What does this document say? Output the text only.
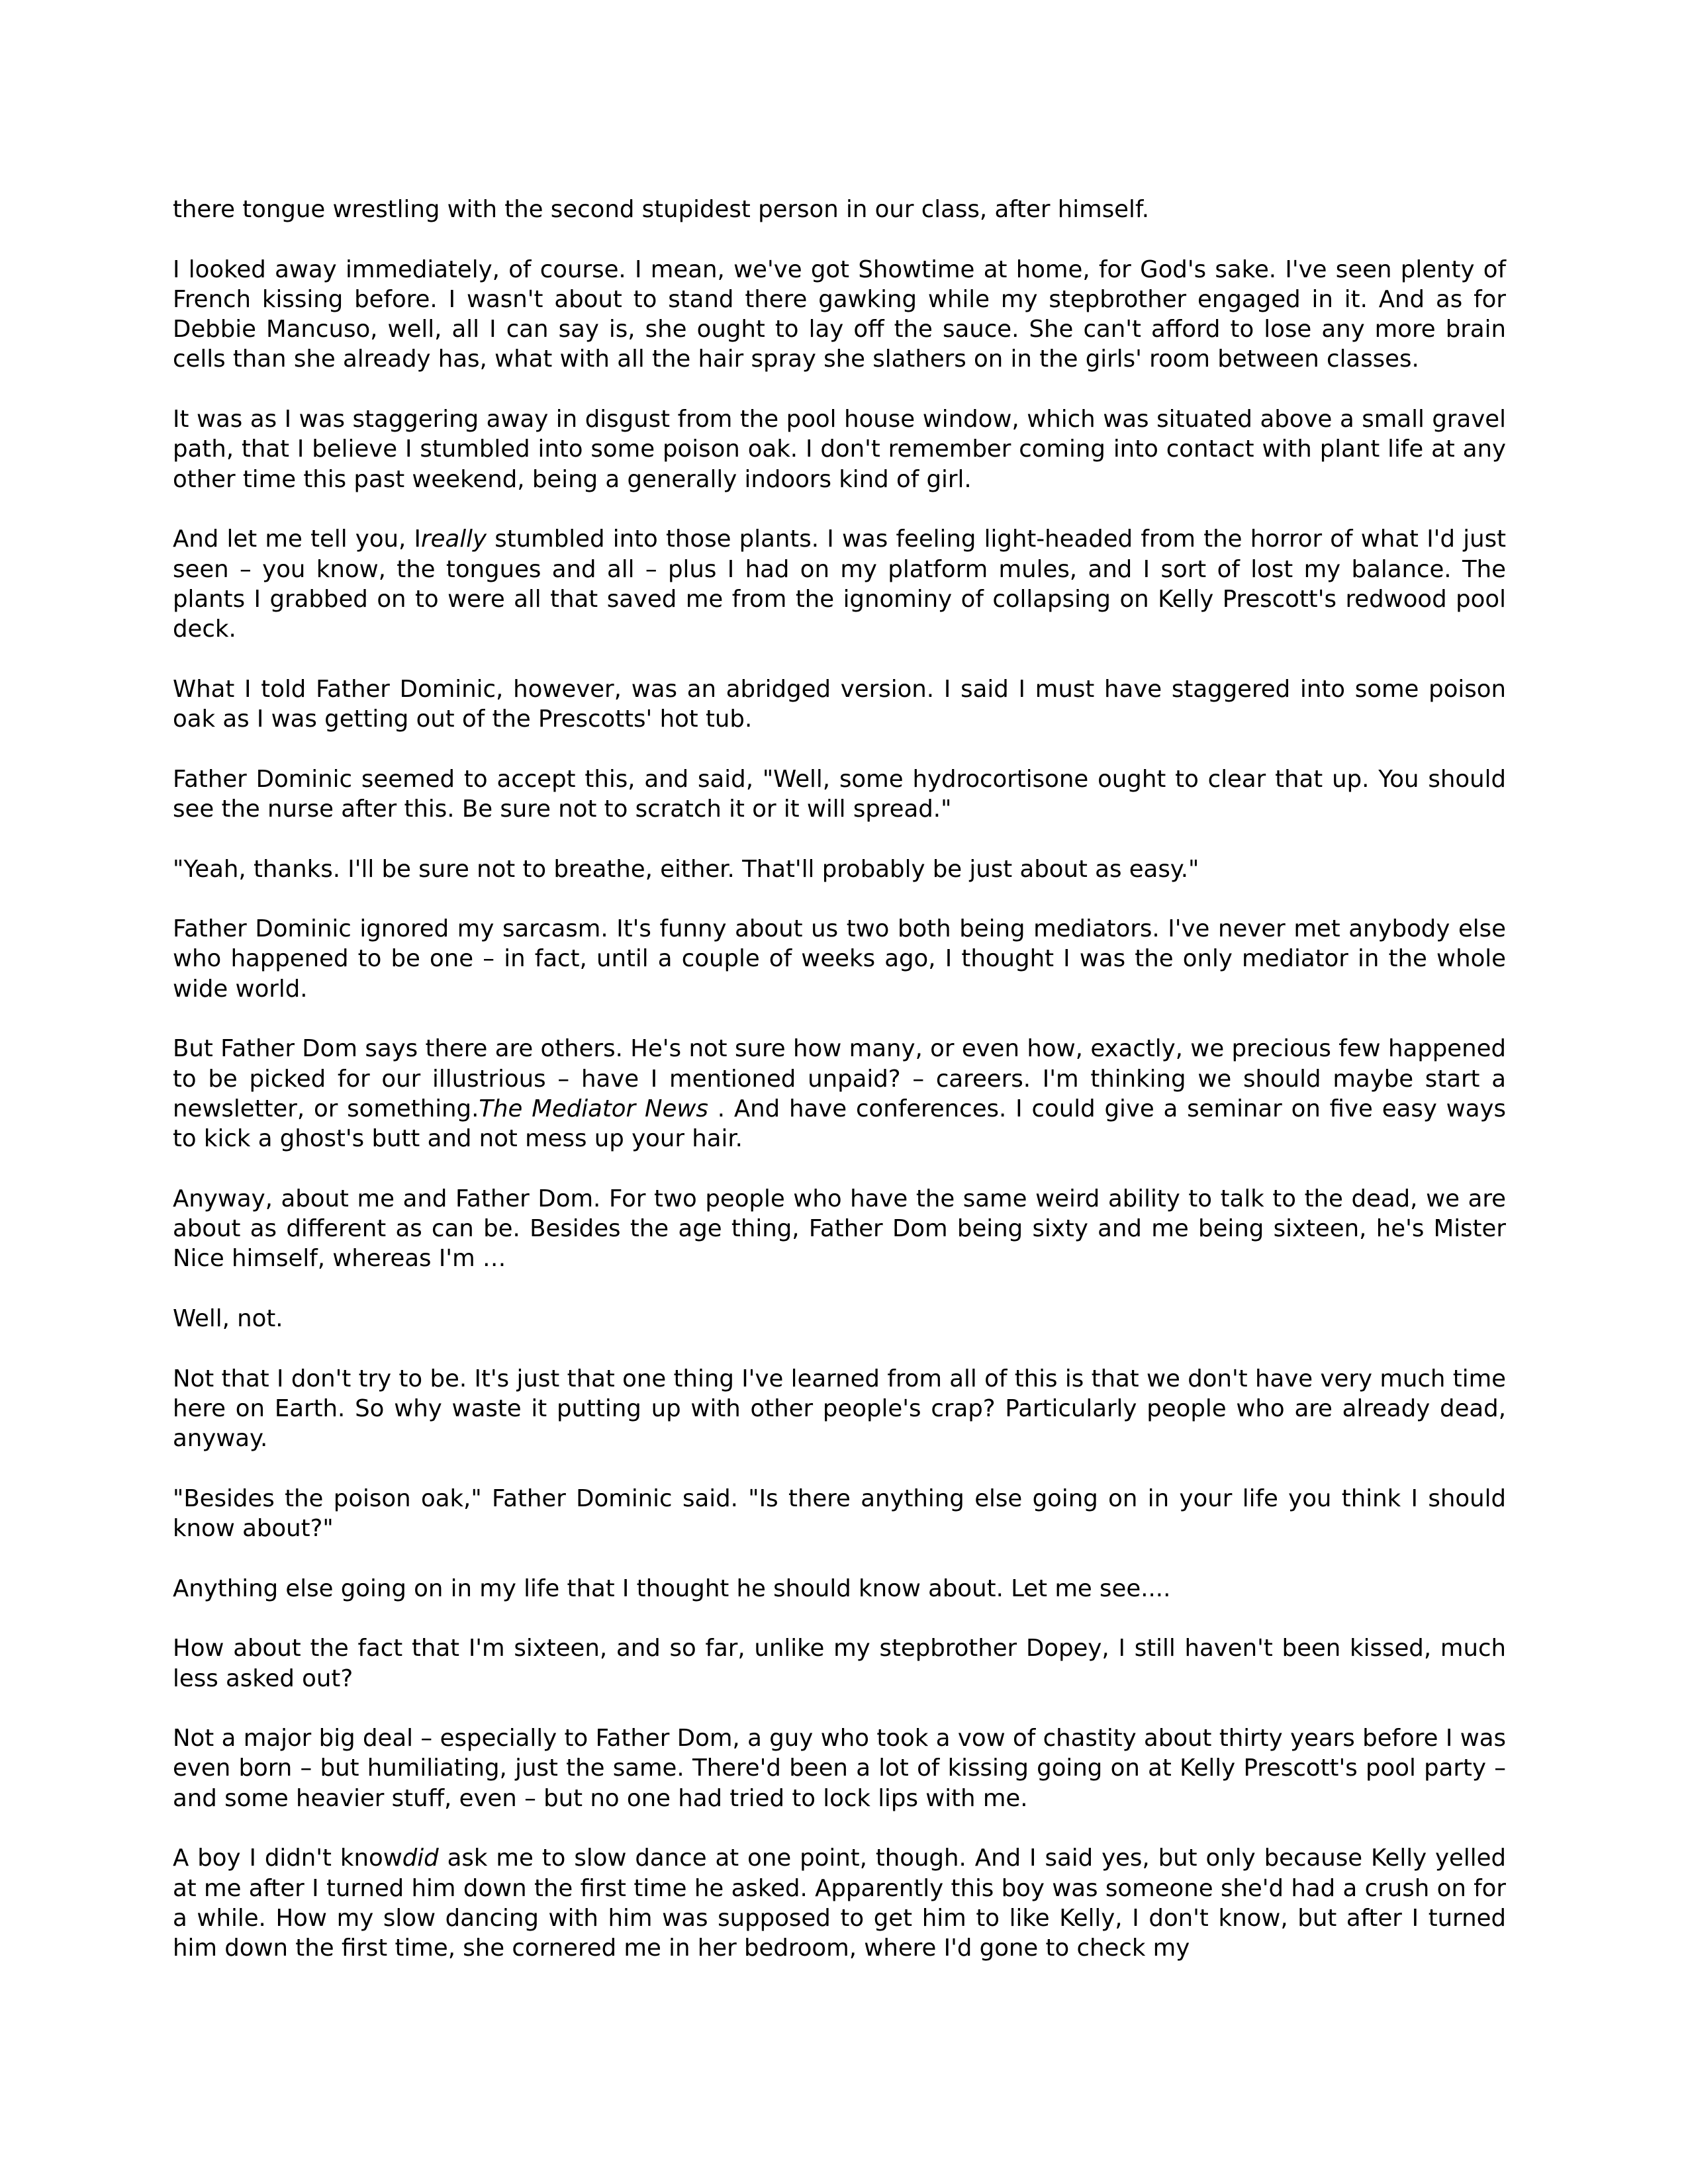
there tongue wrestling with the second stupidest person in our class, after himself.

I looked away immediately, of course. I mean, we've got Showtime at home, for God's sake. I've seen plenty of French kissing before. I wasn't about to stand there gawking while my stepbrother engaged in it. And as for Debbie Mancuso, well, all I can say is, she ought to lay off the sauce. She can't afford to lose any more brain cells than she already has, what with all the hair spray she slathers on in the girls' room between classes.

It was as I was staggering away in disgust from the pool house window, which was situated above a small gravel path, that I believe I stumbled into some poison oak. I don't remember coming into contact with plant life at any other time this past weekend, being a generally indoors kind of girl.

And let me tell you, Ireally stumbled into those plants. I was feeling light-headed from the horror of what I'd just seen – you know, the tongues and all – plus I had on my platform mules, and I sort of lost my balance. The plants I grabbed on to were all that saved me from the ignominy of collapsing on Kelly Prescott's redwood pool deck.

What I told Father Dominic, however, was an abridged version. I said I must have staggered into some poison oak as I was getting out of the Prescotts' hot tub.

Father Dominic seemed to accept this, and said, "Well, some hydrocortisone ought to clear that up. You should see the nurse after this. Be sure not to scratch it or it will spread."

"Yeah, thanks. I'll be sure not to breathe, either. That'll probably be just about as easy."

Father Dominic ignored my sarcasm. It's funny about us two both being mediators. I've never met anybody else who happened to be one – in fact, until a couple of weeks ago, I thought I was the only mediator in the whole wide world.

But Father Dom says there are others. He's not sure how many, or even how, exactly, we precious few happened to be picked for our illustrious – have I mentioned unpaid? – careers. I'm thinking we should maybe start a newsletter, or something.The Mediator News . And have conferences. I could give a seminar on five easy ways to kick a ghost's butt and not mess up your hair.

Anyway, about me and Father Dom. For two people who have the same weird ability to talk to the dead, we are about as different as can be. Besides the age thing, Father Dom being sixty and me being sixteen, he's Mister Nice himself, whereas I'm …

Well, not.

Not that I don't try to be. It's just that one thing I've learned from all of this is that we don't have very much time here on Earth. So why waste it putting up with other people's crap? Particularly people who are already dead, anyway.

"Besides the poison oak," Father Dominic said. "Is there anything else going on in your life you think I should know about?"

Anything else going on in my life that I thought he should know about. Let me see....

How about the fact that I'm sixteen, and so far, unlike my stepbrother Dopey, I still haven't been kissed, much less asked out?

Not a major big deal – especially to Father Dom, a guy who took a vow of chastity about thirty years before I was even born – but humiliating, just the same. There'd been a lot of kissing going on at Kelly Prescott's pool party – and some heavier stuff, even – but no one had tried to lock lips with me.

A boy I didn't knowdid ask me to slow dance at one point, though. And I said yes, but only because Kelly yelled at me after I turned him down the first time he asked. Apparently this boy was someone she'd had a crush on for a while. How my slow dancing with him was supposed to get him to like Kelly, I don't know, but after I turned him down the first time, she cornered me in her bedroom, where I'd gone to check my
